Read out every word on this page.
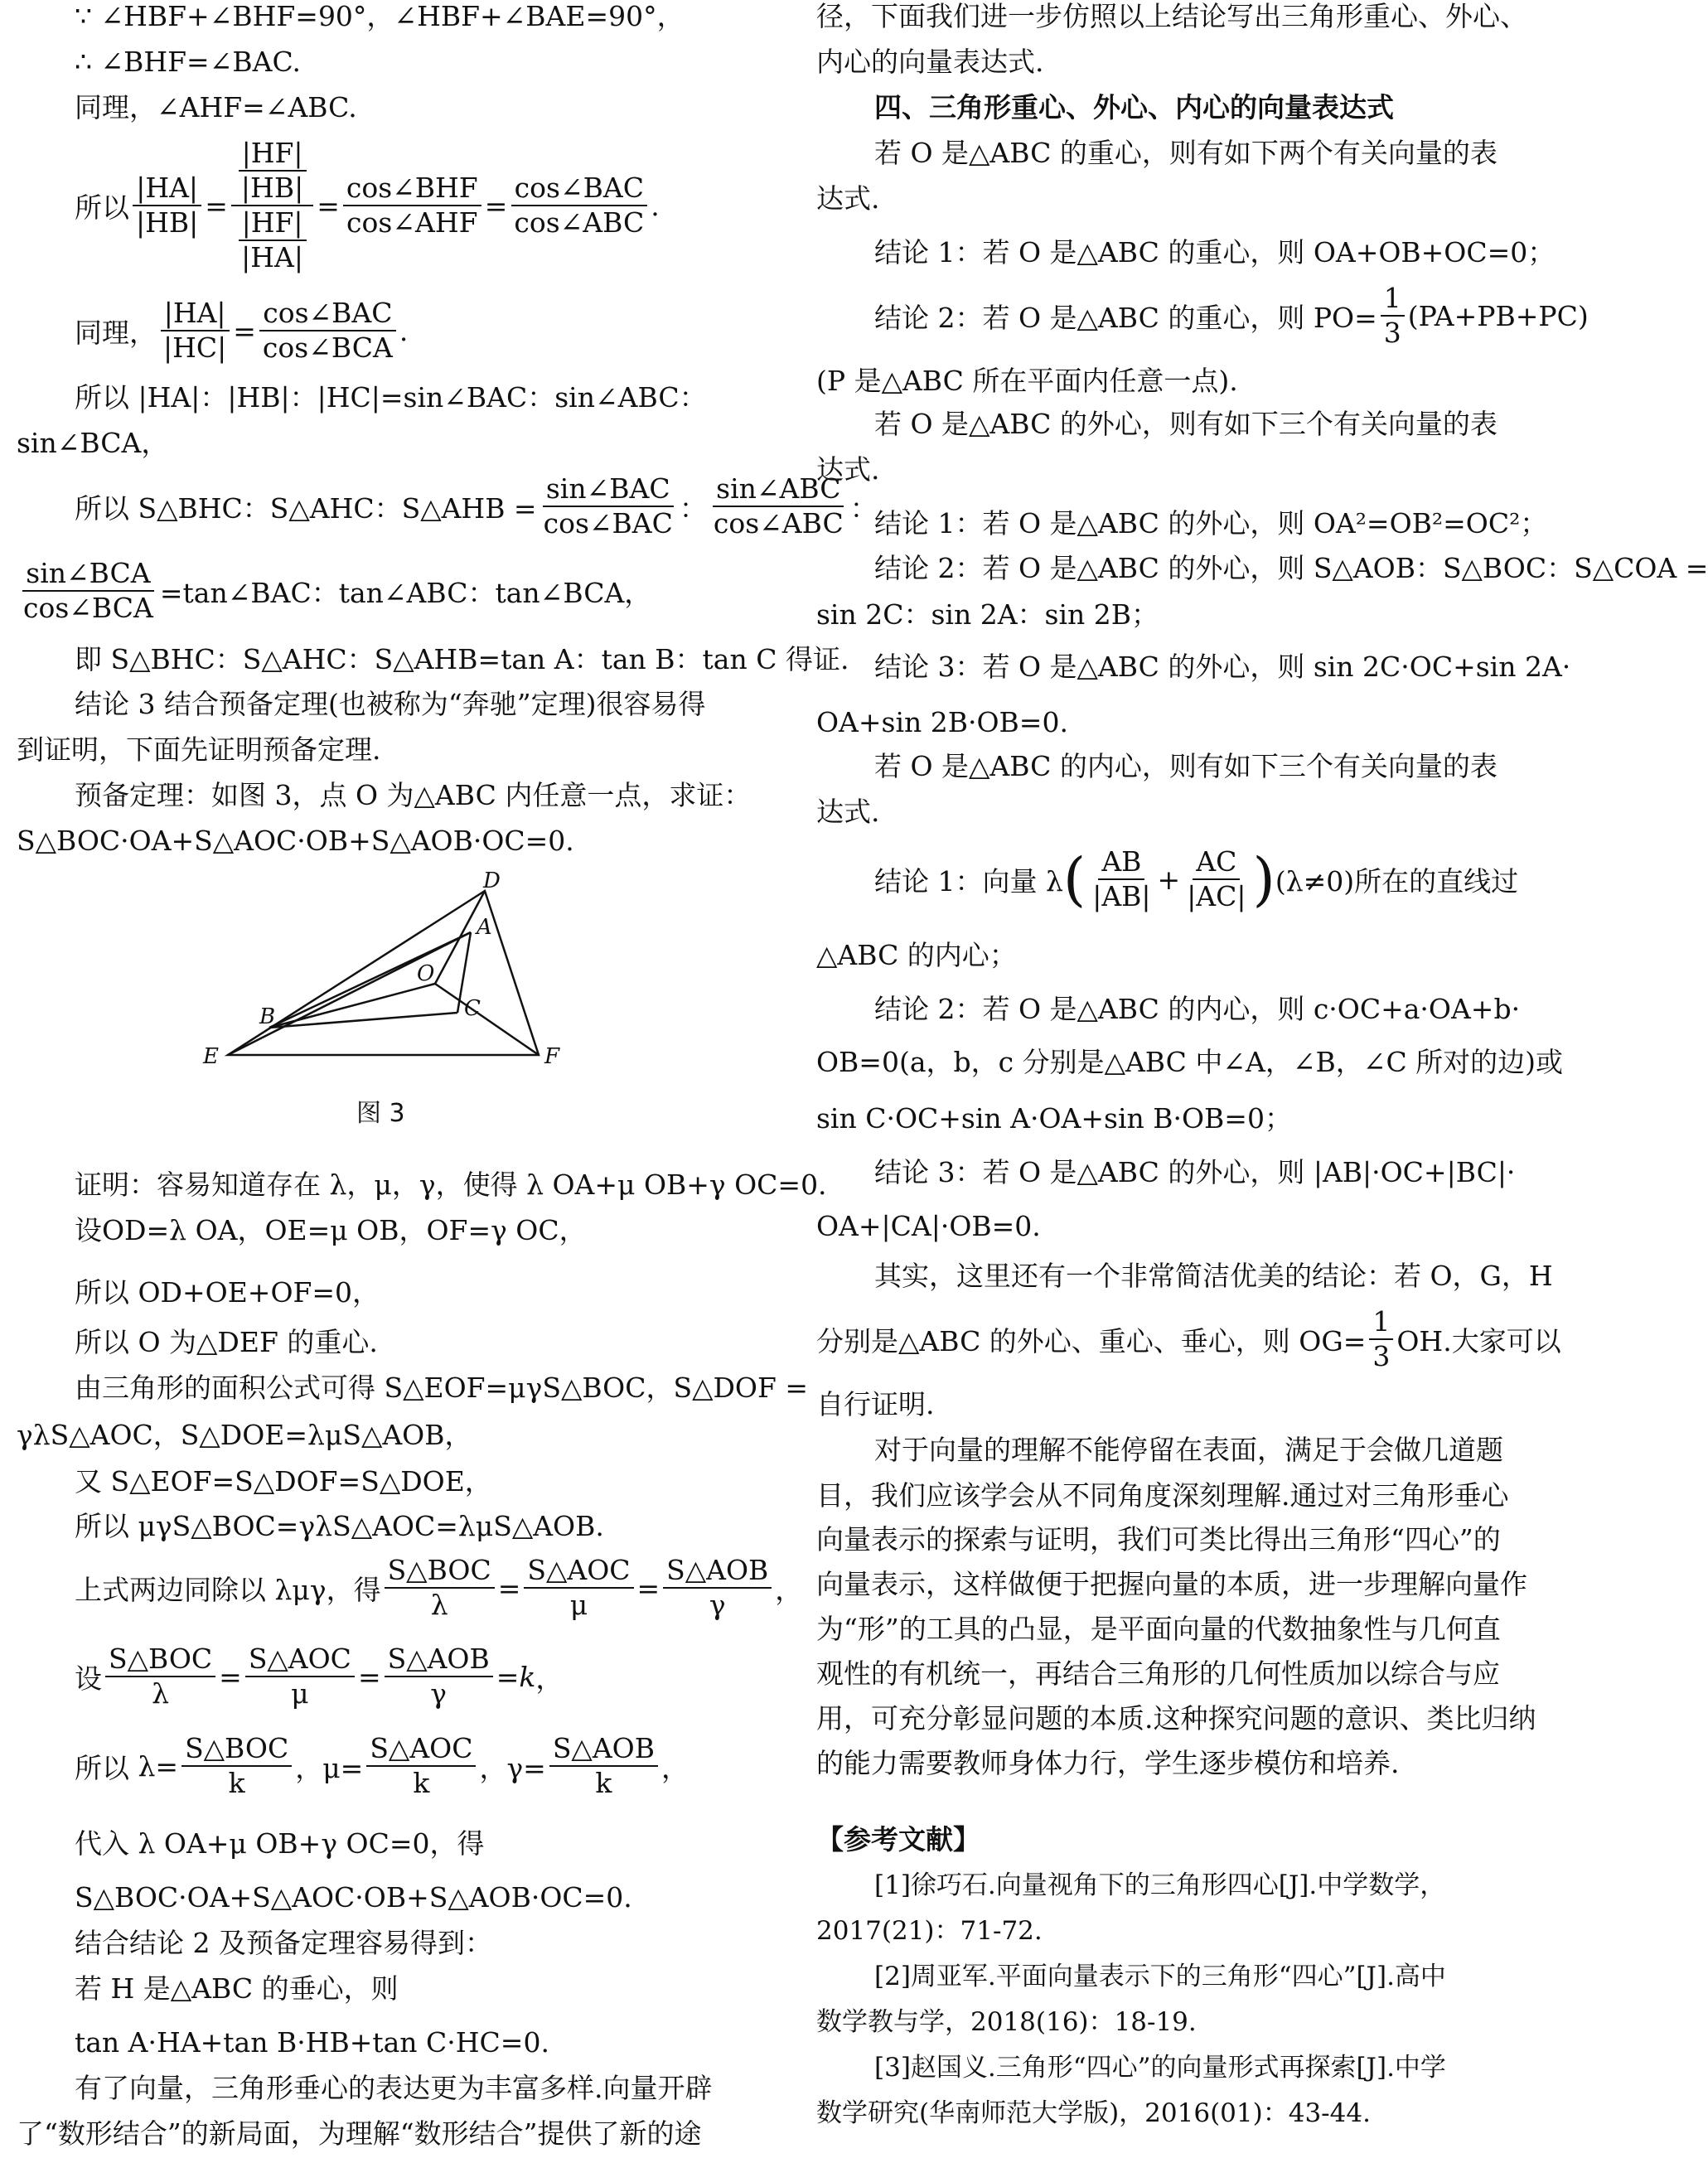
∵ ∠HBF+∠BHF=90°，∠HBF+∠BAE=90°，
∴ ∠BHF=∠BAC.
同理，∠AHF=∠ABC.
所以 $\frac{|HA|}{|HB|} = \frac{\frac{|HF|}{|HB|}}{\frac{|HF|}{|HA|}} = \frac{\text{cos∠BHF}}{\text{cos∠AHF}} = \frac{\text{cos∠BAC}}{\text{cos∠ABC}}$ .
同理， $\frac{|HA|}{|HC|} = \frac{\text{cos∠BAC}}{\text{cos∠BCA}}$ .
所以 |HA|：|HB|：|HC|=sin∠BAC：sin∠ABC：
sin∠BCA，
所以 S△BHC：S△AHC：S△AHB = $\frac{\text{sin∠BAC}}{\text{cos∠BAC}}$ ： $\frac{\text{sin∠ABC}}{\text{cos∠ABC}}$ ：
$\frac{\text{sin∠BCA}}{\text{cos∠BCA}}$ =tan∠BAC：tan∠ABC：tan∠BCA，
即 S△BHC：S△AHC：S△AHB=tan A：tan B：tan C 得证.
结论 3 结合预备定理(也被称为“奔驰”定理)很容易得
到证明，下面先证明预备定理.
预备定理：如图 3，点 O 为△ABC 内任意一点，求证：
S△BOC·OA+S△AOC·OB+S△AOB·OC=0.
D
A
O
C
B
E	F
图 3
证明：容易知道存在 λ，μ，γ，使得 λ OA+μ OB+γ OC=0.
设OD=λ OA，OE=μ OB，OF=γ OC，
所以 OD+OE+OF=0，
所以 O 为△DEF 的重心.
由三角形的面积公式可得 S△EOF=μγS△BOC，S△DOF =
γλS△AOC，S△DOE=λμS△AOB，
又 S△EOF=S△DOF=S△DOE，
所以 μγS△BOC=γλS△AOC=λμS△AOB.
上式两边同除以 λμγ，得 $\frac{\text{S△BOC}}{\lambda} = \frac{\text{S△AOC}}{\mu} = \frac{\text{S△AOB}}{\gamma}$ ，
设 $\frac{\text{S△BOC}}{\lambda} = \frac{\text{S△AOC}}{\mu} = \frac{\text{S△AOB}}{\gamma} = k$ ，
所以 $\lambda= \frac{\text{S△BOC}}{k}$ ，$\mu= \frac{\text{S△AOC}}{k}$ ，$\gamma= \frac{\text{S△AOB}}{k}$ ，
代入 λ OA+μ OB+γ OC=0，得
S△BOC·OA+S△AOC·OB+S△AOB·OC=0.
结合结论 2 及预备定理容易得到：
若 H 是△ABC 的垂心，则
tan A·HA+tan B·HB+tan C·HC=0.
有了向量，三角形垂心的表达更为丰富多样.向量开辟
了“数形结合”的新局面，为理解“数形结合”提供了新的途
径，下面我们进一步仿照以上结论写出三角形重心、外心、
内心的向量表达式.
四、三角形重心、外心、内心的向量表达式
若 O 是△ABC 的重心，则有如下两个有关向量的表
达式.
结论 1：若 O 是△ABC 的重心，则 OA+OB+OC=0；
结论 2：若 O 是△ABC 的重心，则 $PO= \frac{1}{3} (PA+PB+PC)$
(P 是△ABC 所在平面内任意一点).
若 O 是△ABC 的外心，则有如下三个有关向量的表
达式.
结论 1：若 O 是△ABC 的外心，则 OA²=OB²=OC²；
结论 2：若 O 是△ABC 的外心，则 S△AOB：S△BOC：S△COA =
sin 2C：sin 2A：sin 2B；
结论 3：若 O 是△ABC 的外心，则 sin 2C·OC+sin 2A·
OA+sin 2B·OB=0.
若 O 是△ABC 的内心，则有如下三个有关向量的表
达式.
结论 1：向量 λ ( $\frac{AB}{|AB|} + \frac{AC}{|AC|}$ ) (λ≠0)所在的直线过
△ABC 的内心；
结论 2：若 O 是△ABC 的内心，则 c·OC+a·OA+b·
OB=0(a，b，c 分别是△ABC 中∠A，∠B，∠C 所对的边)或
sin C·OC+sin A·OA+sin B·OB=0；
结论 3：若 O 是△ABC 的外心，则 |AB|·OC+|BC|·
OA+|CA|·OB=0.
其实，这里还有一个非常简洁优美的结论：若 O，G，H
分别是△ABC 的外心、重心、垂心，则 $OG= \frac{1}{3}$ OH.大家可以
自行证明.
对于向量的理解不能停留在表面，满足于会做几道题
目，我们应该学会从不同角度深刻理解.通过对三角形垂心
向量表示的探索与证明，我们可类比得出三角形“四心”的
向量表示，这样做便于把握向量的本质，进一步理解向量作
为“形”的工具的凸显，是平面向量的代数抽象性与几何直
观性的有机统一，再结合三角形的几何性质加以综合与应
用，可充分彰显问题的本质.这种探究问题的意识、类比归纳
的能力需要教师身体力行，学生逐步模仿和培养.
【参考文献】
[1]徐巧石.向量视角下的三角形四心[J].中学数学，
2017(21)：71-72.
[2]周亚军.平面向量表示下的三角形“四心”[J].高中
数学教与学，2018(16)：18-19.
[3]赵国义.三角形“四心”的向量形式再探索[J].中学
数学研究(华南师范大学版)，2016(01)：43-44.
